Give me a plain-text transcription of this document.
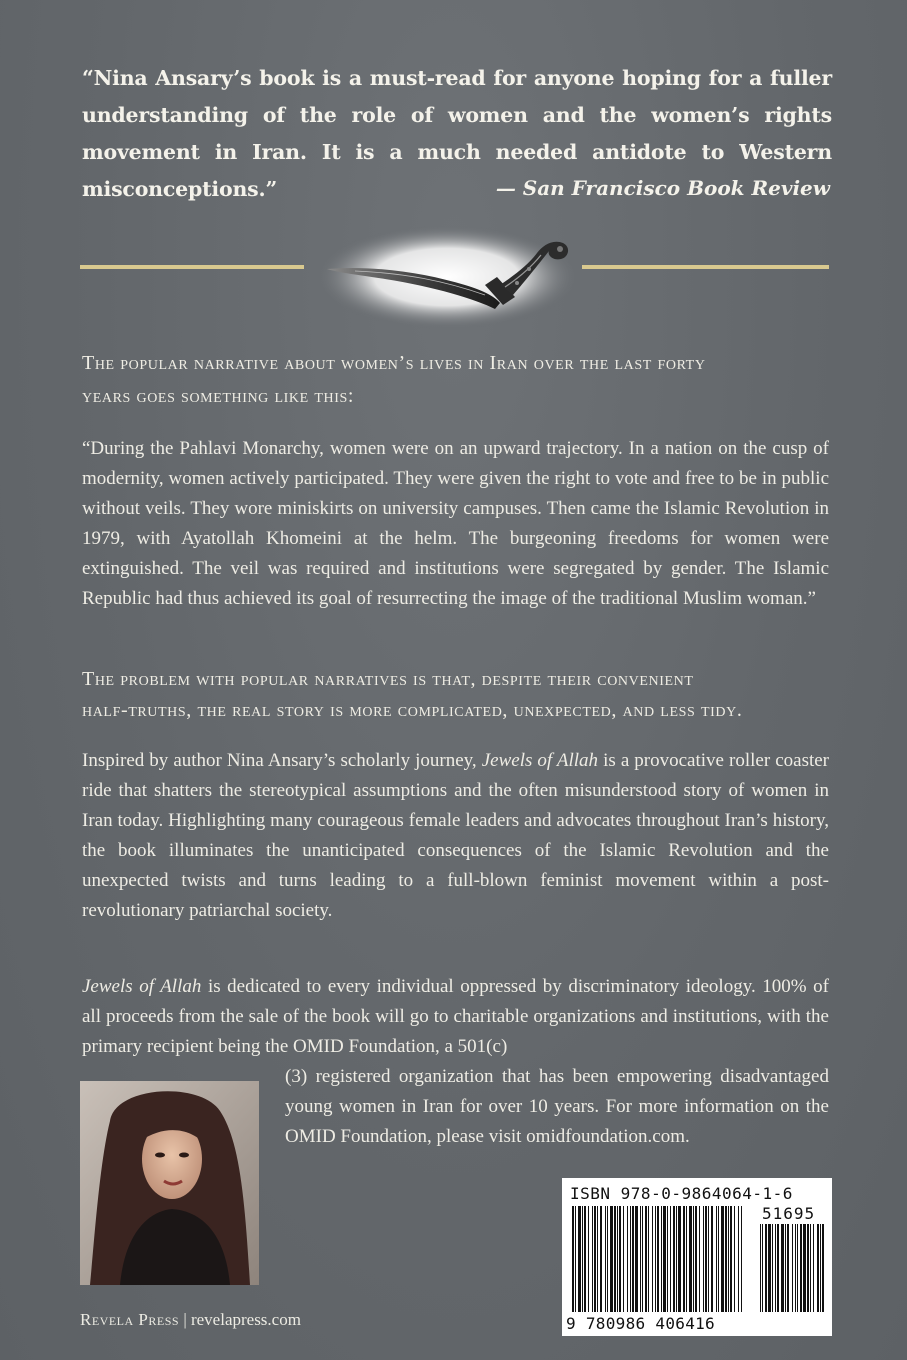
“Nina Ansary’s book is a must-read for anyone hoping for a fuller understanding of the role of women and the women’s rights movement in Iran. It is a much needed antidote to Western misconceptions.”	— San Francisco Book Review
The popular narrative about women’s lives in Iran over the last forty
years goes something like this:
“During the Pahlavi Monarchy, women were on an upward trajectory. In a nation on the cusp of modernity, women actively participated. They were given the right to vote and free to be in public without veils. They wore miniskirts on university campuses. Then came the Islamic Revolution in 1979, with Ayatollah Khomeini at the helm. The burgeoning freedoms for women were extinguished. The veil was required and institutions were segregated by gender. The Islamic Republic had thus achieved its goal of resurrecting the image of the traditional Muslim woman.”
The problem with popular narratives is that, despite their convenient
half-truths, the real story is more complicated, unexpected, and less tidy.
Inspired by author Nina Ansary’s scholarly journey, Jewels of Allah is a provocative roller coaster ride that shatters the stereotypical assumptions and the often misunderstood story of women in Iran today. Highlighting many courageous female leaders and advocates throughout Iran’s history, the book illuminates the unanticipated consequences of the Islamic Revolution and the unexpected twists and turns leading to a full-blown feminist movement within a post-revolutionary patriarchal society.
Jewels of Allah is dedicated to every individual oppressed by discriminatory ideology. 100% of all proceeds from the sale of the book will go to charitable organizations and institutions, with the primary recipient being the OMID Foundation, a 501(c)
(3) registered organization that has been empowering disadvantaged young women in Iran for over 10 years. For more information on the OMID Foundation, please visit omidfoundation.com.
Revela Press | revelapress.com
ISBN 978-0-9864064-1-6
51695
9 780986 406416
